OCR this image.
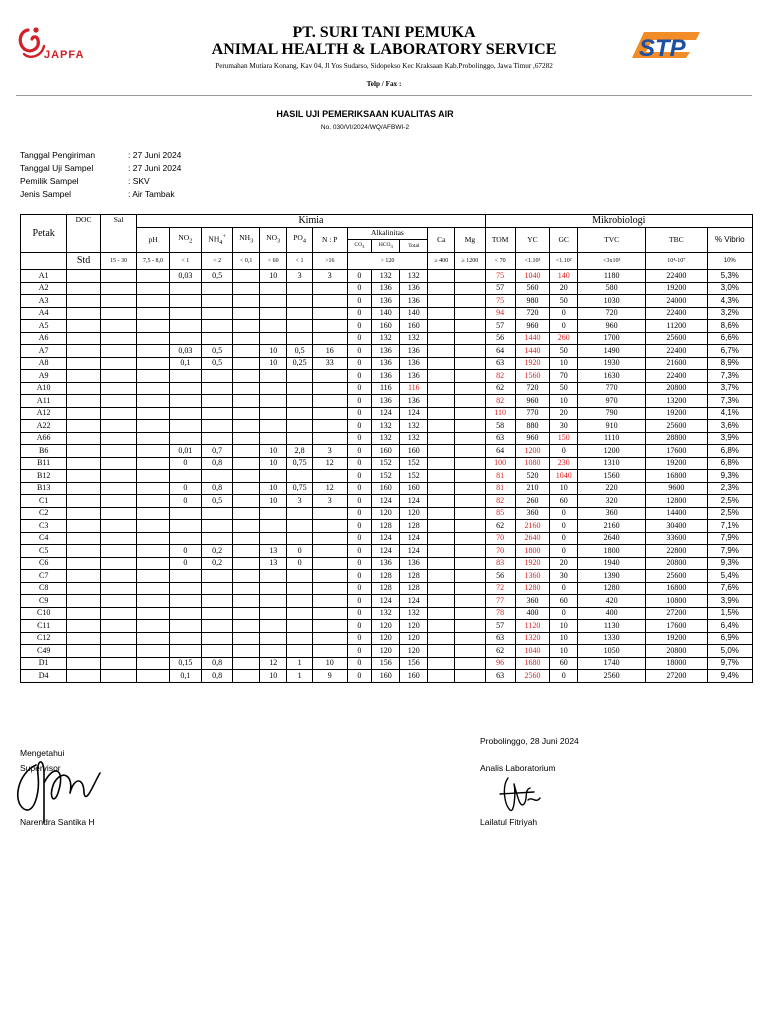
JAPFA	STP
PT. SURI TANI PEMUKA
ANIMAL HEALTH & LABORATORY SERVICE
Perumahan Mutiara Konang, Kav 04, Jl Yos Sudarso, Sidopekso Kec Kraksaan Kab.Probolinggo, Jawa Timur ,67282
Telp / Fax :
HASIL UJI PEMERIKSAAN KUALITAS AIR
No. 030/VI/2024/WQ/AFBWI-2
Tanggal Pengiriman	: 27 Juni 2024
Tanggal Uji Sampel	: 27 Juni 2024
Pemilik Sampel	: SKV
Jenis Sampel	: Air Tambak
Petak	DOC	Sal	Kimia												Mikrobiologi					
			pH	$NO_2$	$NH_4^+$	$NH_3$	$NO_3$	$PO_4$	N : P	Alkalinitas			Ca	Mg	TOM	YC	GC	TVC	TBC	% Vibrio
										$CO_3$	$HCO_3$	Total								
	Std	15 - 30	7,5 - 8,0	< 1	< 2	< 0,1	< 60	< 1	>16	> 120			≥ 400	≥ 1200	< 70	<1.10³	<1.10²	<3x10³	10⁴-10⁷	10%
A1				0,03	0,5		10	3	3	0	132	132			75	1040	140	1180	22400	5,3%
A2										0	136	136			57	560	20	580	19200	3,0%
A3										0	136	136			75	980	50	1030	24000	4,3%
A4										0	140	140			94	720	0	720	22400	3,2%
A5										0	160	160			57	960	0	960	11200	8,6%
A6										0	132	132			56	1440	260	1700	25600	6,6%
A7				0,03	0,5		10	0,5	16	0	136	136			64	1440	50	1490	22400	6,7%
A8				0,1	0,5		10	0,25	33	0	136	136			63	1920	10	1930	21600	8,9%
A9										0	136	136			82	1560	70	1630	22400	7,3%
A10										0	116	116			62	720	50	770	20800	3,7%
A11										0	136	136			82	960	10	970	13200	7,3%
A12										0	124	124			110	770	20	790	19200	4,1%
A22										0	132	132			58	880	30	910	25600	3,6%
A66										0	132	132			63	960	150	1110	28800	3,9%
B6				0,01	0,7		10	2,8	3	0	160	160			64	1200	0	1200	17600	6,8%
B11				0	0,8		10	0,75	12	0	152	152			100	1080	230	1310	19200	6,8%
B12										0	152	152			81	520	1040	1560	16800	9,3%
B13				0	0,8		10	0,75	12	0	160	160			81	210	10	220	9600	2,3%
C1				0	0,5		10	3	3	0	124	124			82	260	60	320	12800	2,5%
C2										0	120	120			85	360	0	360	14400	2,5%
C3										0	128	128			62	2160	0	2160	30400	7,1%
C4										0	124	124			70	2640	0	2640	33600	7,9%
C5				0	0,2		13	0		0	124	124			70	1800	0	1800	22800	7,9%
C6				0	0,2		13	0		0	136	136			83	1920	20	1940	20800	9,3%
C7										0	128	128			56	1360	30	1390	25600	5,4%
C8										0	128	128			72	1280	0	1280	16800	7,6%
C9										0	124	124			77	360	60	420	10800	3,9%
C10										0	132	132			78	400	0	400	27200	1,5%
C11										0	120	120			57	1120	10	1130	17600	6,4%
C12										0	120	120			63	1320	10	1330	19200	6,9%
C49										0	120	120			62	1040	10	1050	20800	5,0%
D1				0,15	0,8		12	1	10	0	156	156			96	1680	60	1740	18000	9,7%
D4				0,1	0,8		10	1	9	0	160	160			63	2560	0	2560	27200	9,4%
Mengetahui
Supervisor
Narendra Santika H
Probolinggo, 28 Juni 2024
Analis Laboratorium
Lailatul Fitriyah
